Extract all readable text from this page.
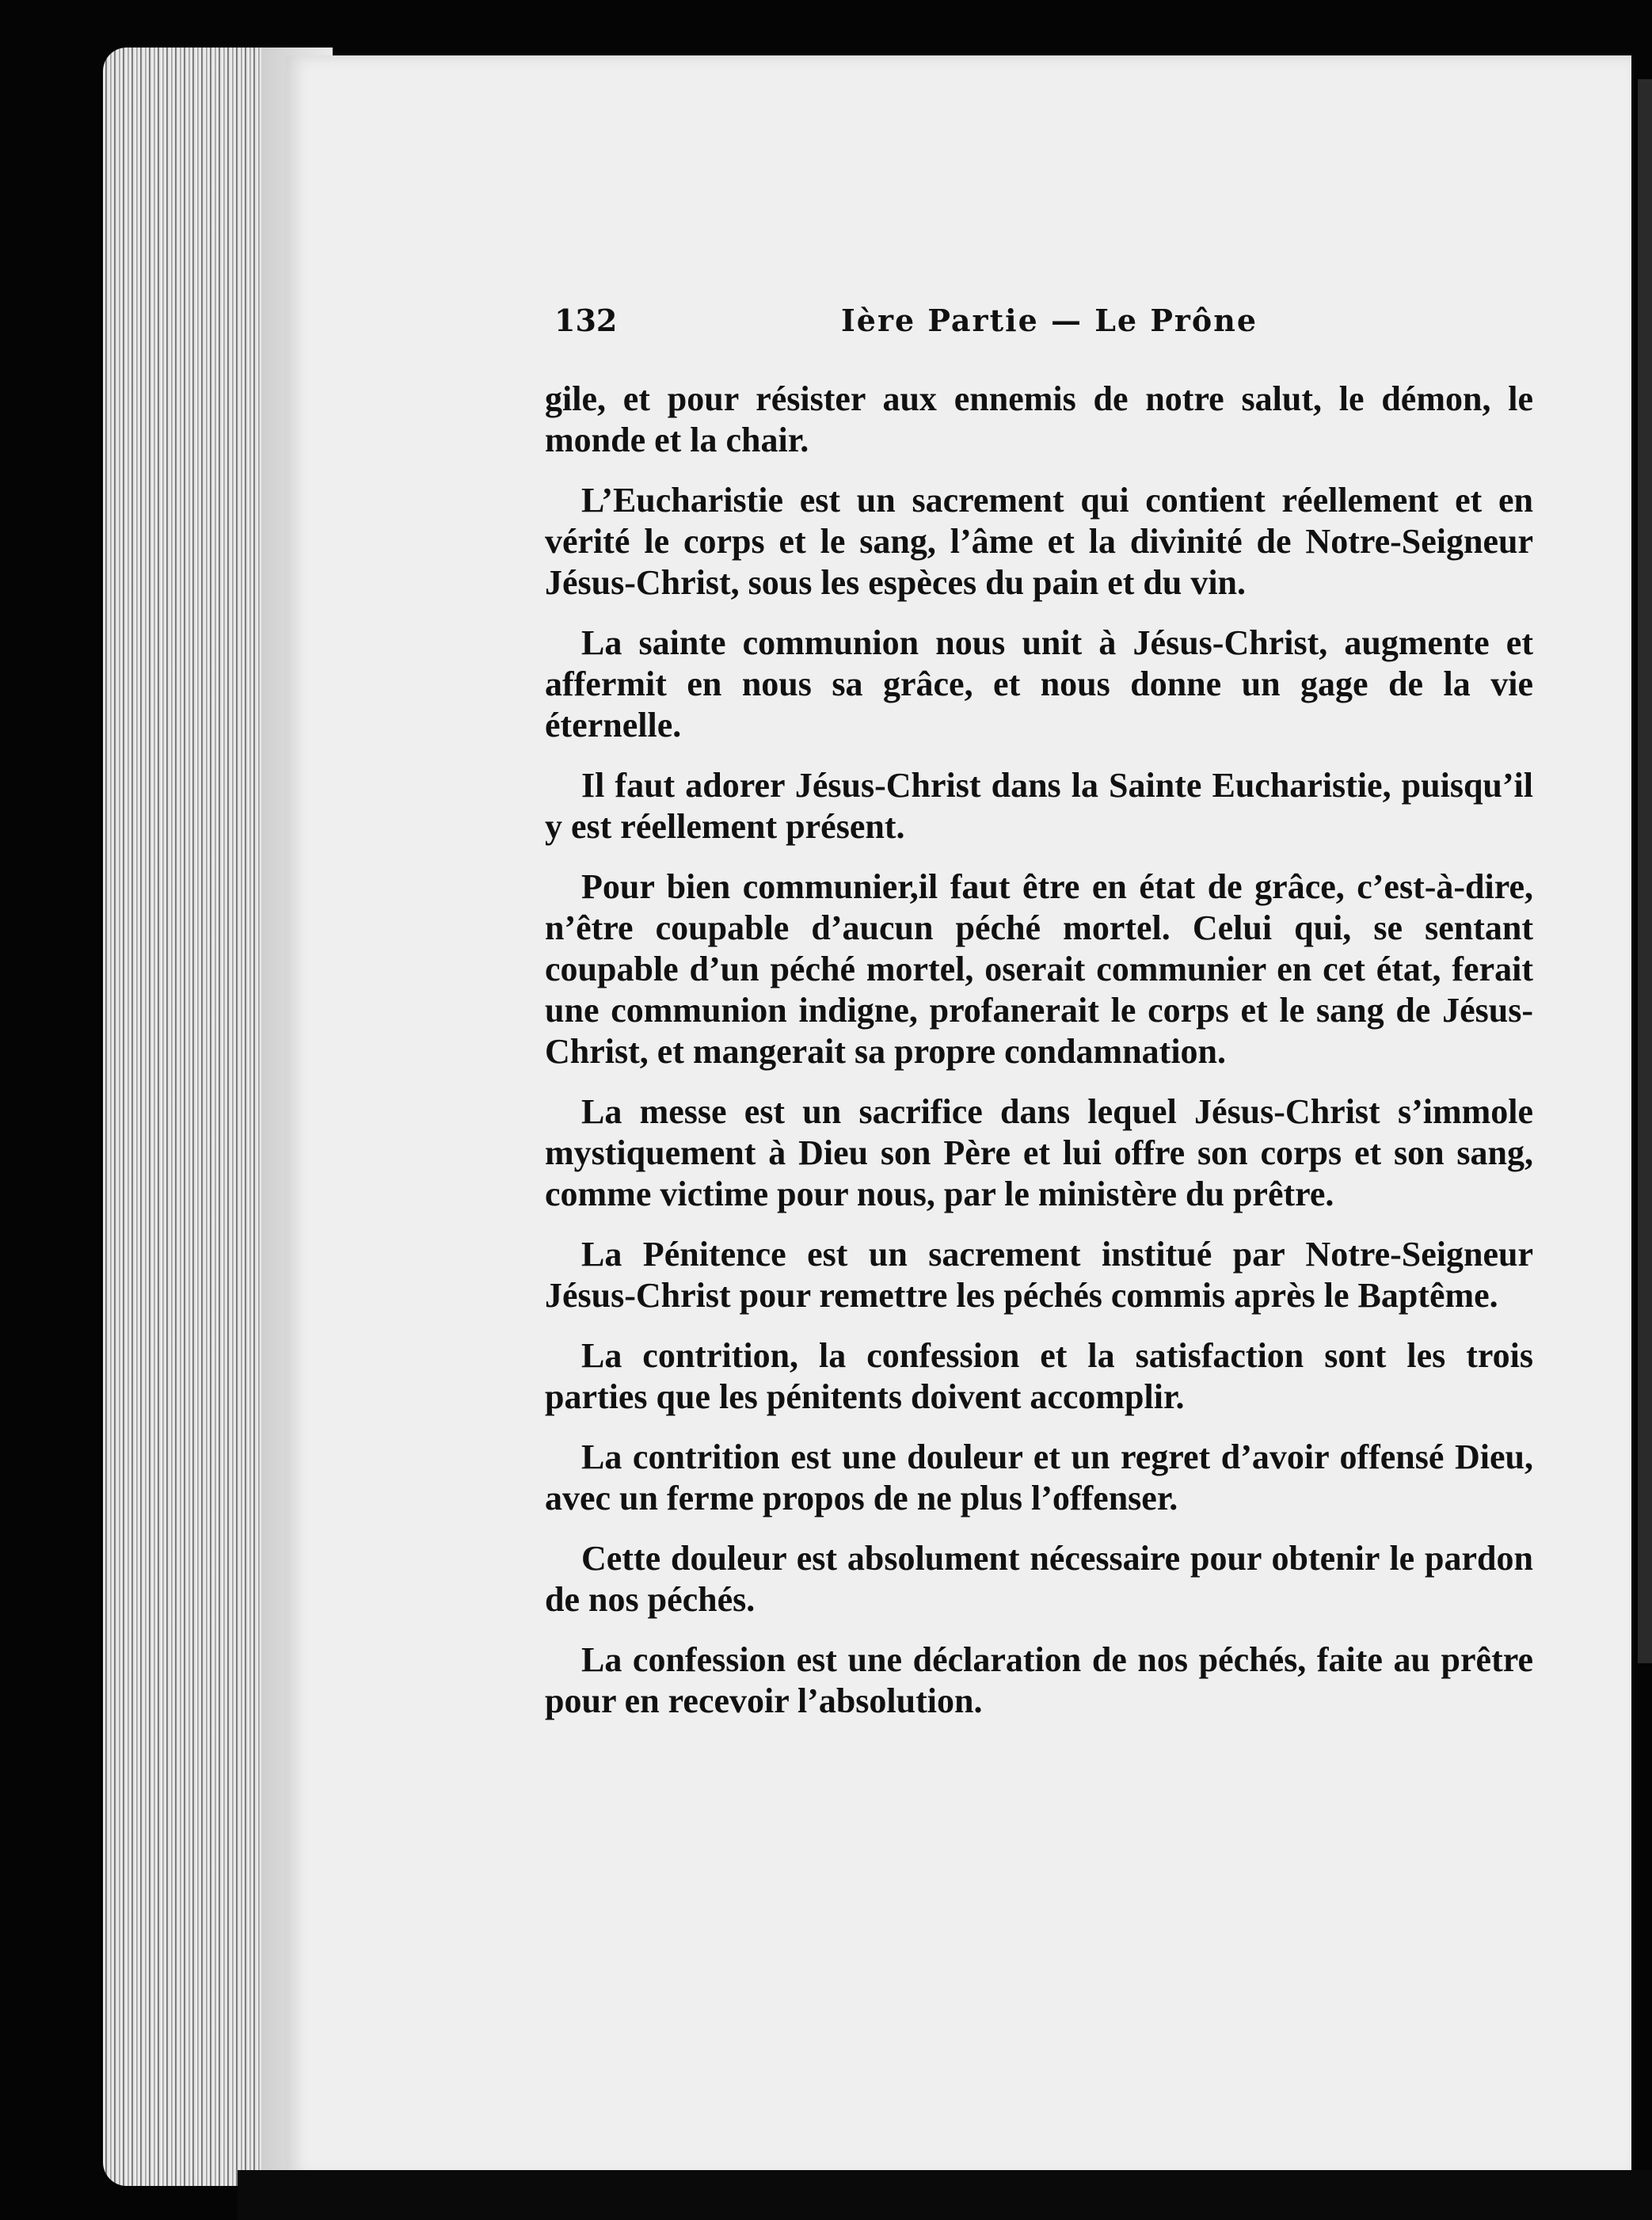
132	Ière Partie — Le Prône

gile, et pour résister aux ennemis de notre salut, le démon, le monde et la chair.

L’Eucharistie est un sacrement qui contient réellement et en vérité le corps et le sang, l’âme et la divinité de Notre-Seigneur Jésus-Christ, sous les espèces du pain et du vin.

La sainte communion nous unit à Jésus-Christ, augmente et affermit en nous sa grâce, et nous donne un gage de la vie éternelle.

Il faut adorer Jésus-Christ dans la Sainte Eucharistie, puisqu’il y est réellement présent.

Pour bien communier,il faut être en état de grâce, c’est-à-dire, n’être coupable d’aucun péché mortel. Celui qui, se sentant coupable d’un péché mortel, oserait communier en cet état, ferait une communion indigne, profanerait le corps et le sang de Jésus-Christ, et mangerait sa propre condamnation.

La messe est un sacrifice dans lequel Jésus-Christ s’immole mystiquement à Dieu son Père et lui offre son corps et son sang, comme victime pour nous, par le ministère du prêtre.

La Pénitence est un sacrement institué par Notre-Seigneur Jésus-Christ pour remettre les péchés commis après le Baptême.

La contrition, la confession et la satisfaction sont les trois parties que les pénitents doivent accomplir.

La contrition est une douleur et un regret d’avoir offensé Dieu, avec un ferme propos de ne plus l’offenser.

Cette douleur est absolument nécessaire pour obtenir le pardon de nos péchés.

La confession est une déclaration de nos péchés, faite au prêtre pour en recevoir l’absolution.
